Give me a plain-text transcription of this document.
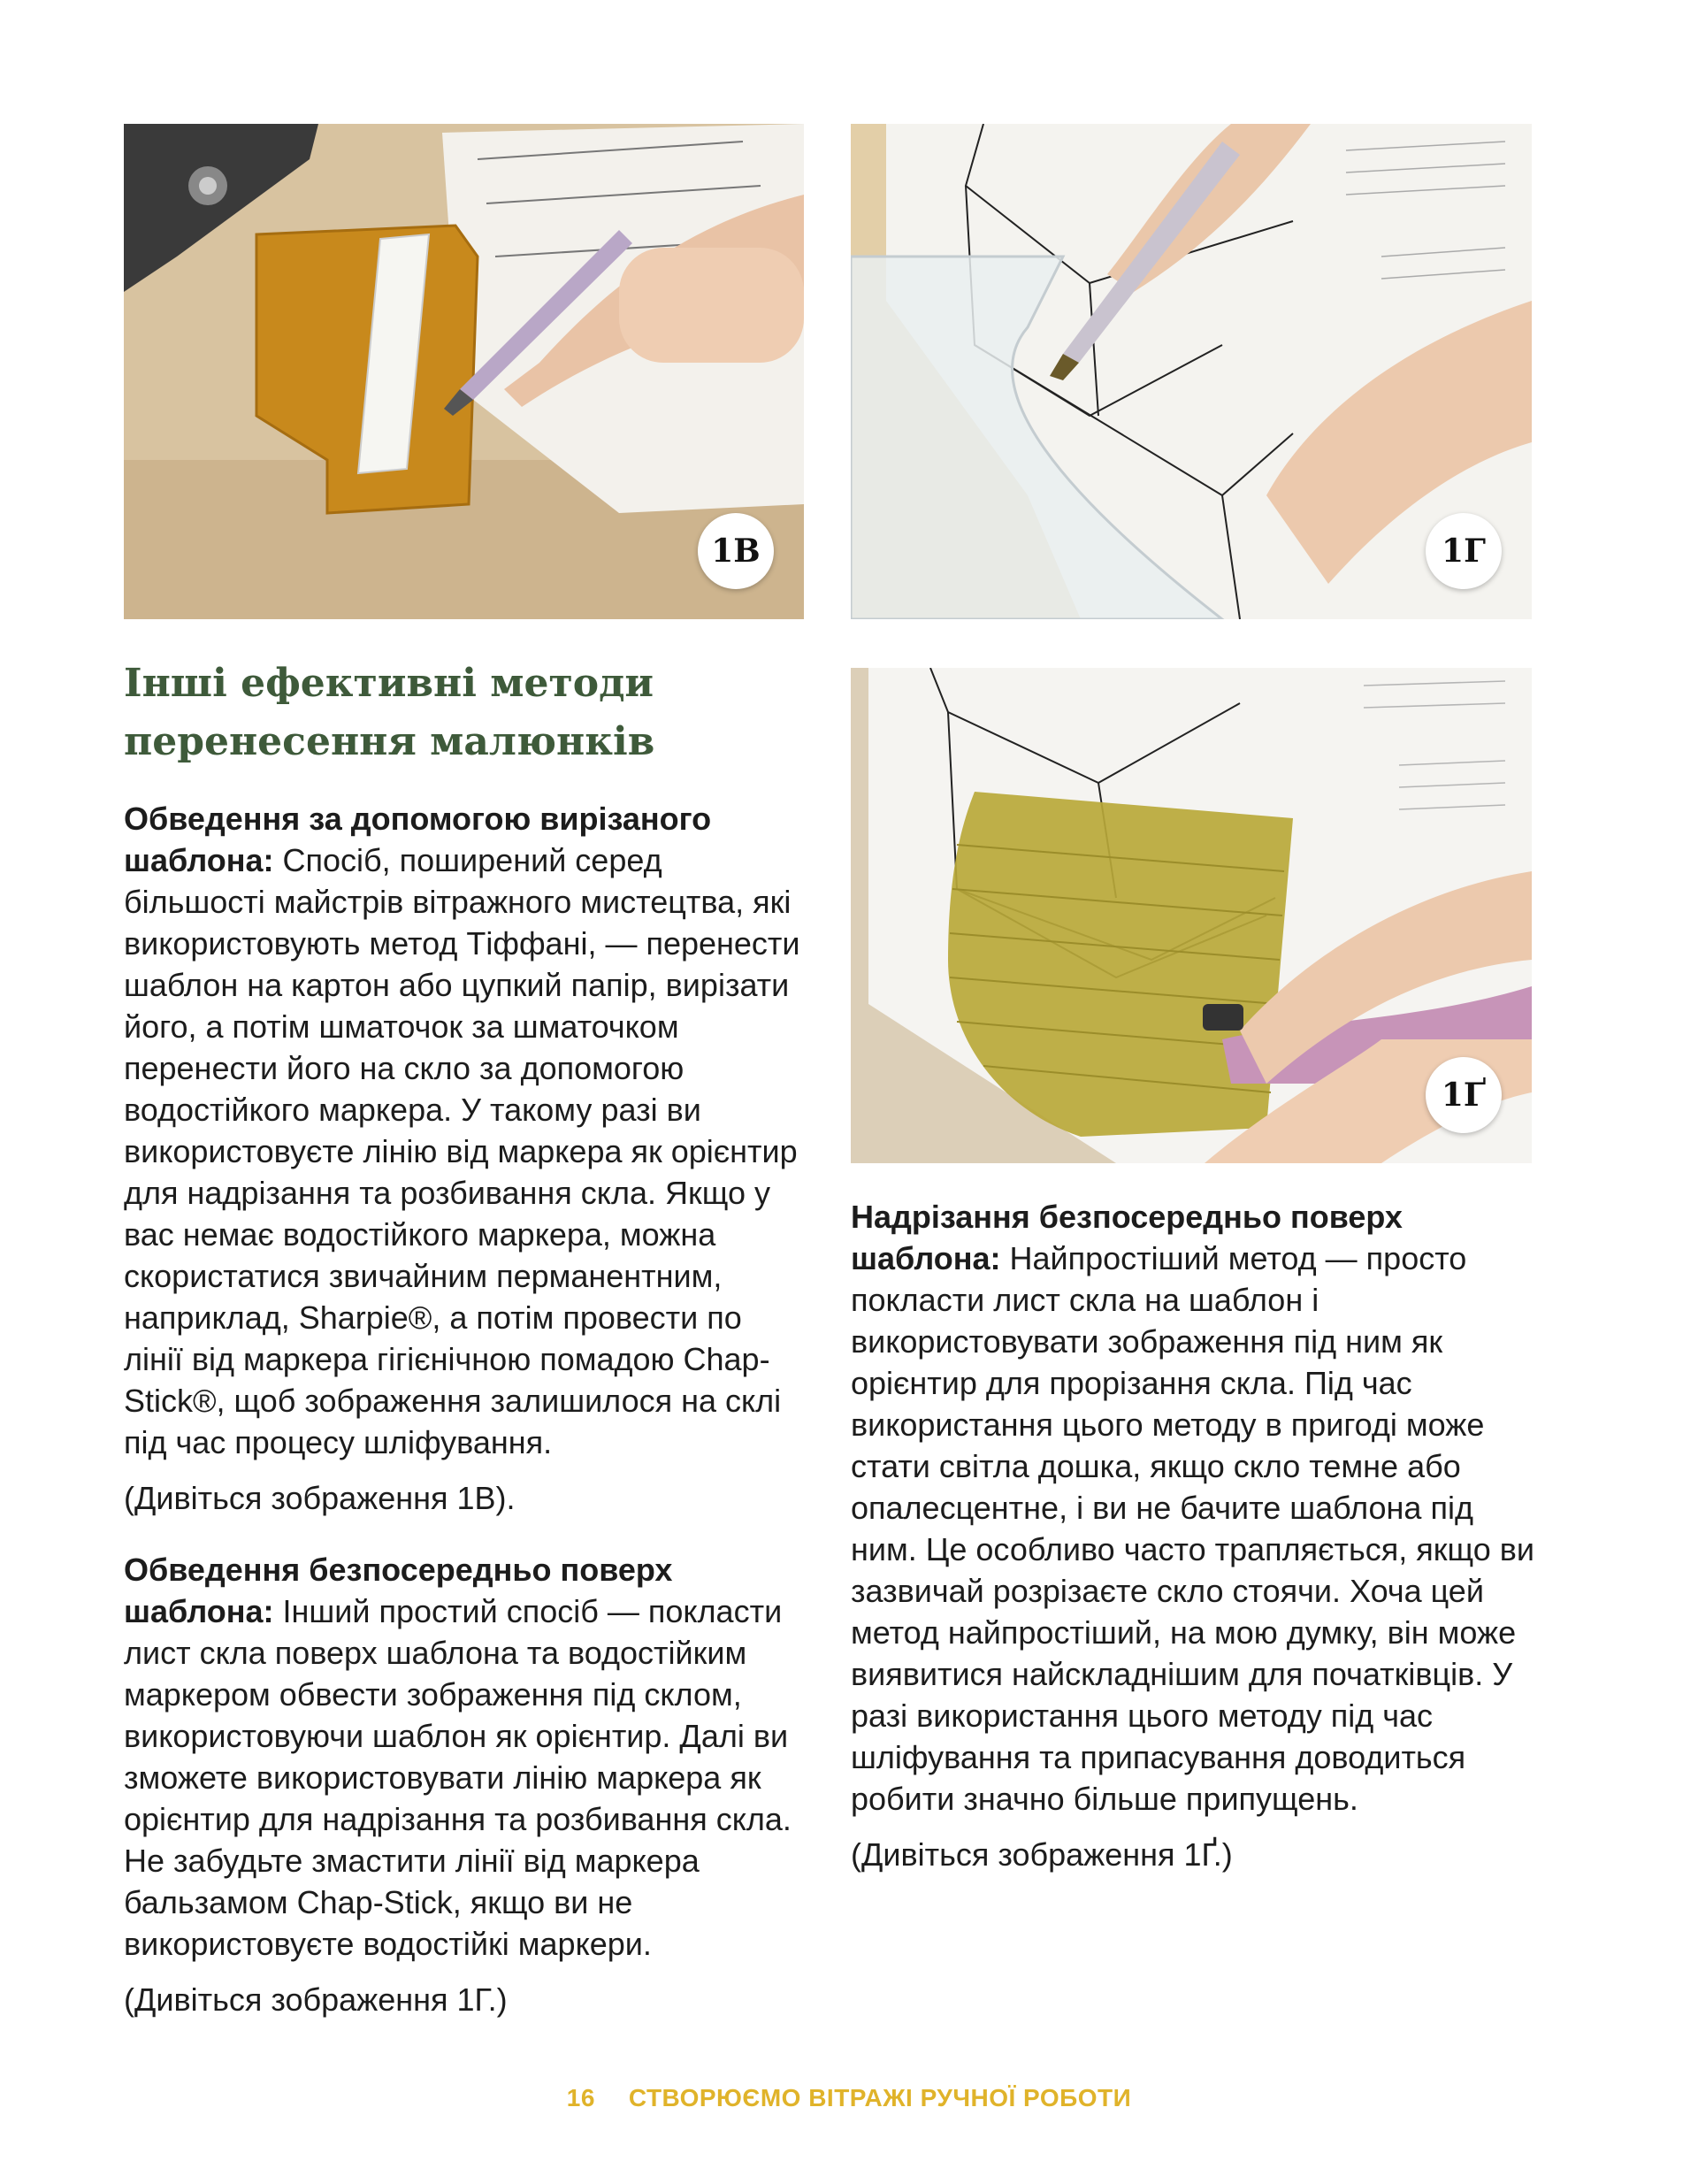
1В	1Г
1Ґ
Інші ефективні методи перенесення малюнків

Обведення за допомогою вирізаного шаблона: Спосіб, поширений серед більшості майстрів вітражного мистецтва, які використовують метод Тіффані, — перенести шаблон на картон або цупкий папір, вирізати його, а потім шматочок за шматочком перенести його на скло за допомогою водостійкого маркера. У такому разі ви використовуєте лінію від маркера як орієнтир для надрізання та розбивання скла. Якщо у вас немає водостійкого маркера, можна скористатися звичайним перманентним, наприклад, Sharpie®, а потім провести по лінії від маркера гігієнічною помадою Chap-Stick®, щоб зображення залишилося на склі під час процесу шліфування.

(Дивіться зображення 1В).

Обведення безпосередньо поверх шаблона: Інший простий спосіб — покласти лист скла поверх шаблона та водостійким маркером обвести зображення під склом, використовуючи шаблон як орієнтир. Далі ви зможете використовувати лінію маркера як орієнтир для надрізання та розбивання скла. Не забудьте змастити лінії від маркера бальзамом Chap-Stick, якщо ви не використовуєте водостійкі маркери.

(Дивіться зображення 1Г.)

Надрізання безпосередньо поверх шаблона: Найпростіший метод — просто покласти лист скла на шаблон і використовувати зображення під ним як орієнтир для прорізання скла. Під час використання цього методу в пригоді може стати світла дошка, якщо скло темне або опалесцентне, і ви не бачите шаблона під ним. Це особливо часто трапляється, якщо ви зазвичай розрізаєте скло стоячи. Хоча цей метод найпростіший, на мою думку, він може виявитися найскладнішим для початківців. У разі використання цього методу під час шліфування та припасування доводиться робити значно більше припущень.

(Дивіться зображення 1Ґ.)

16 СТВОРЮЄМО ВІТРАЖІ РУЧНОЇ РОБОТИ
